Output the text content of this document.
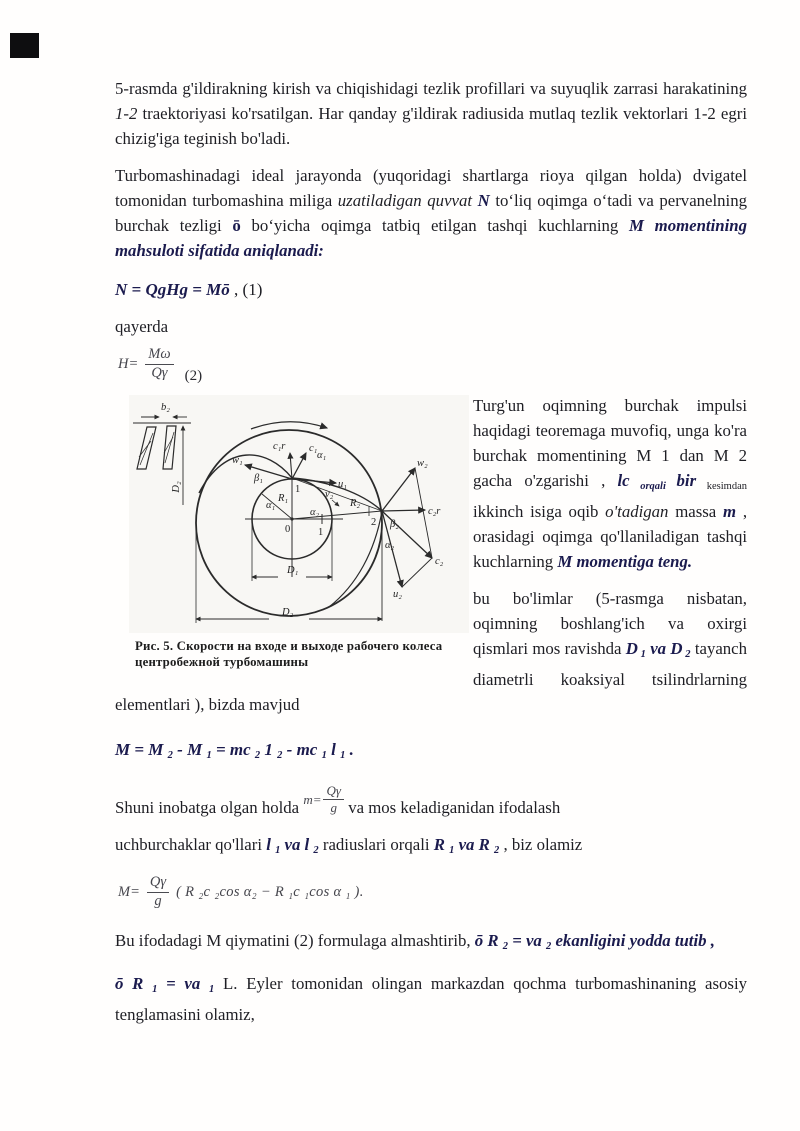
5-rasmda g'ildirakning kirish va chiqishidagi tezlik profillari va suyuqlik zarrasi harakatining 1-2 traektoriyasi ko'rsatilgan. Har qanday g'ildirak radiusida mutlaq tezlik vektorlari 1-2 egri chizig'iga teginish bo'ladi.

Turbomashinadagi ideal jarayonda (yuqoridagi shartlarga rioya qilgan holda) dvigatel tomonidan turbomashina miliga uzatiladigan quvvat N to‘liq oqimga o‘tadi va pervanelning burchak tezligi ō bo‘yicha oqimga tatbiq etilgan tashqi kuchlarning M momentining mahsuloti sifatida aniqlanadi:

N = QgHg = Mō , (1)

qayerda

$H= \frac{M\omega}{Q\gamma} (2)$
1
0
R₁	R₂
α₁
α₂
v₂
u₁
w₁
c₁
c₁r
β₁
α₁
1
w₂
c₂r
c₂
u₂
β₂
α₂
2
D₁
D₂
b₂
D₂
Рис. 5. Скорости на входе и выходе рабочего колеса
центробежной турбомашины

Turg'un oqimning burchak impulsi haqidagi teoremaga muvofiq, unga ko'ra burchak momentining M 1 dan M 2 gacha o'zgarishi , lc orqali bir $_{kesimdan}$ ikkinch isiga oqib o'tadigan massa m , orasidagi oqimga qo'llaniladigan tashqi kuchlarning M momentiga teng.

bu bo'limlar (5-rasmga nisbatan, oqimning boshlang'ich va oxirgi qismlari mos ravishda D 1 va D 2 tayanch diametrli koaksiyal tsilindrlarning elementlari ), bizda mavjud

M = M 2 - M 1 = mc 2 1 2 - mc 1 l 1 .

Shuni inobatga olgan holda $m= \frac{Q\gamma}{g}$ va mos keladiganidan ifodalash

uchburchaklar qo'llari l 1 va l 2 radiuslari orqali R 1 va R 2 , biz olamiz

$M= \frac{Q\gamma}{g}$ ( R ₂c ₂cos α₂ − R ₁c ₁cos α ₁ ).

Bu ifodadagi M qiymatini (2) formulaga almashtirib, ō R 2 = va 2 ekanligini yodda tutib ,

ō R 1 = va 1 L. Eyler tomonidan olingan markazdan qochma turbomashinaning asosiy tenglamasini olamiz,
